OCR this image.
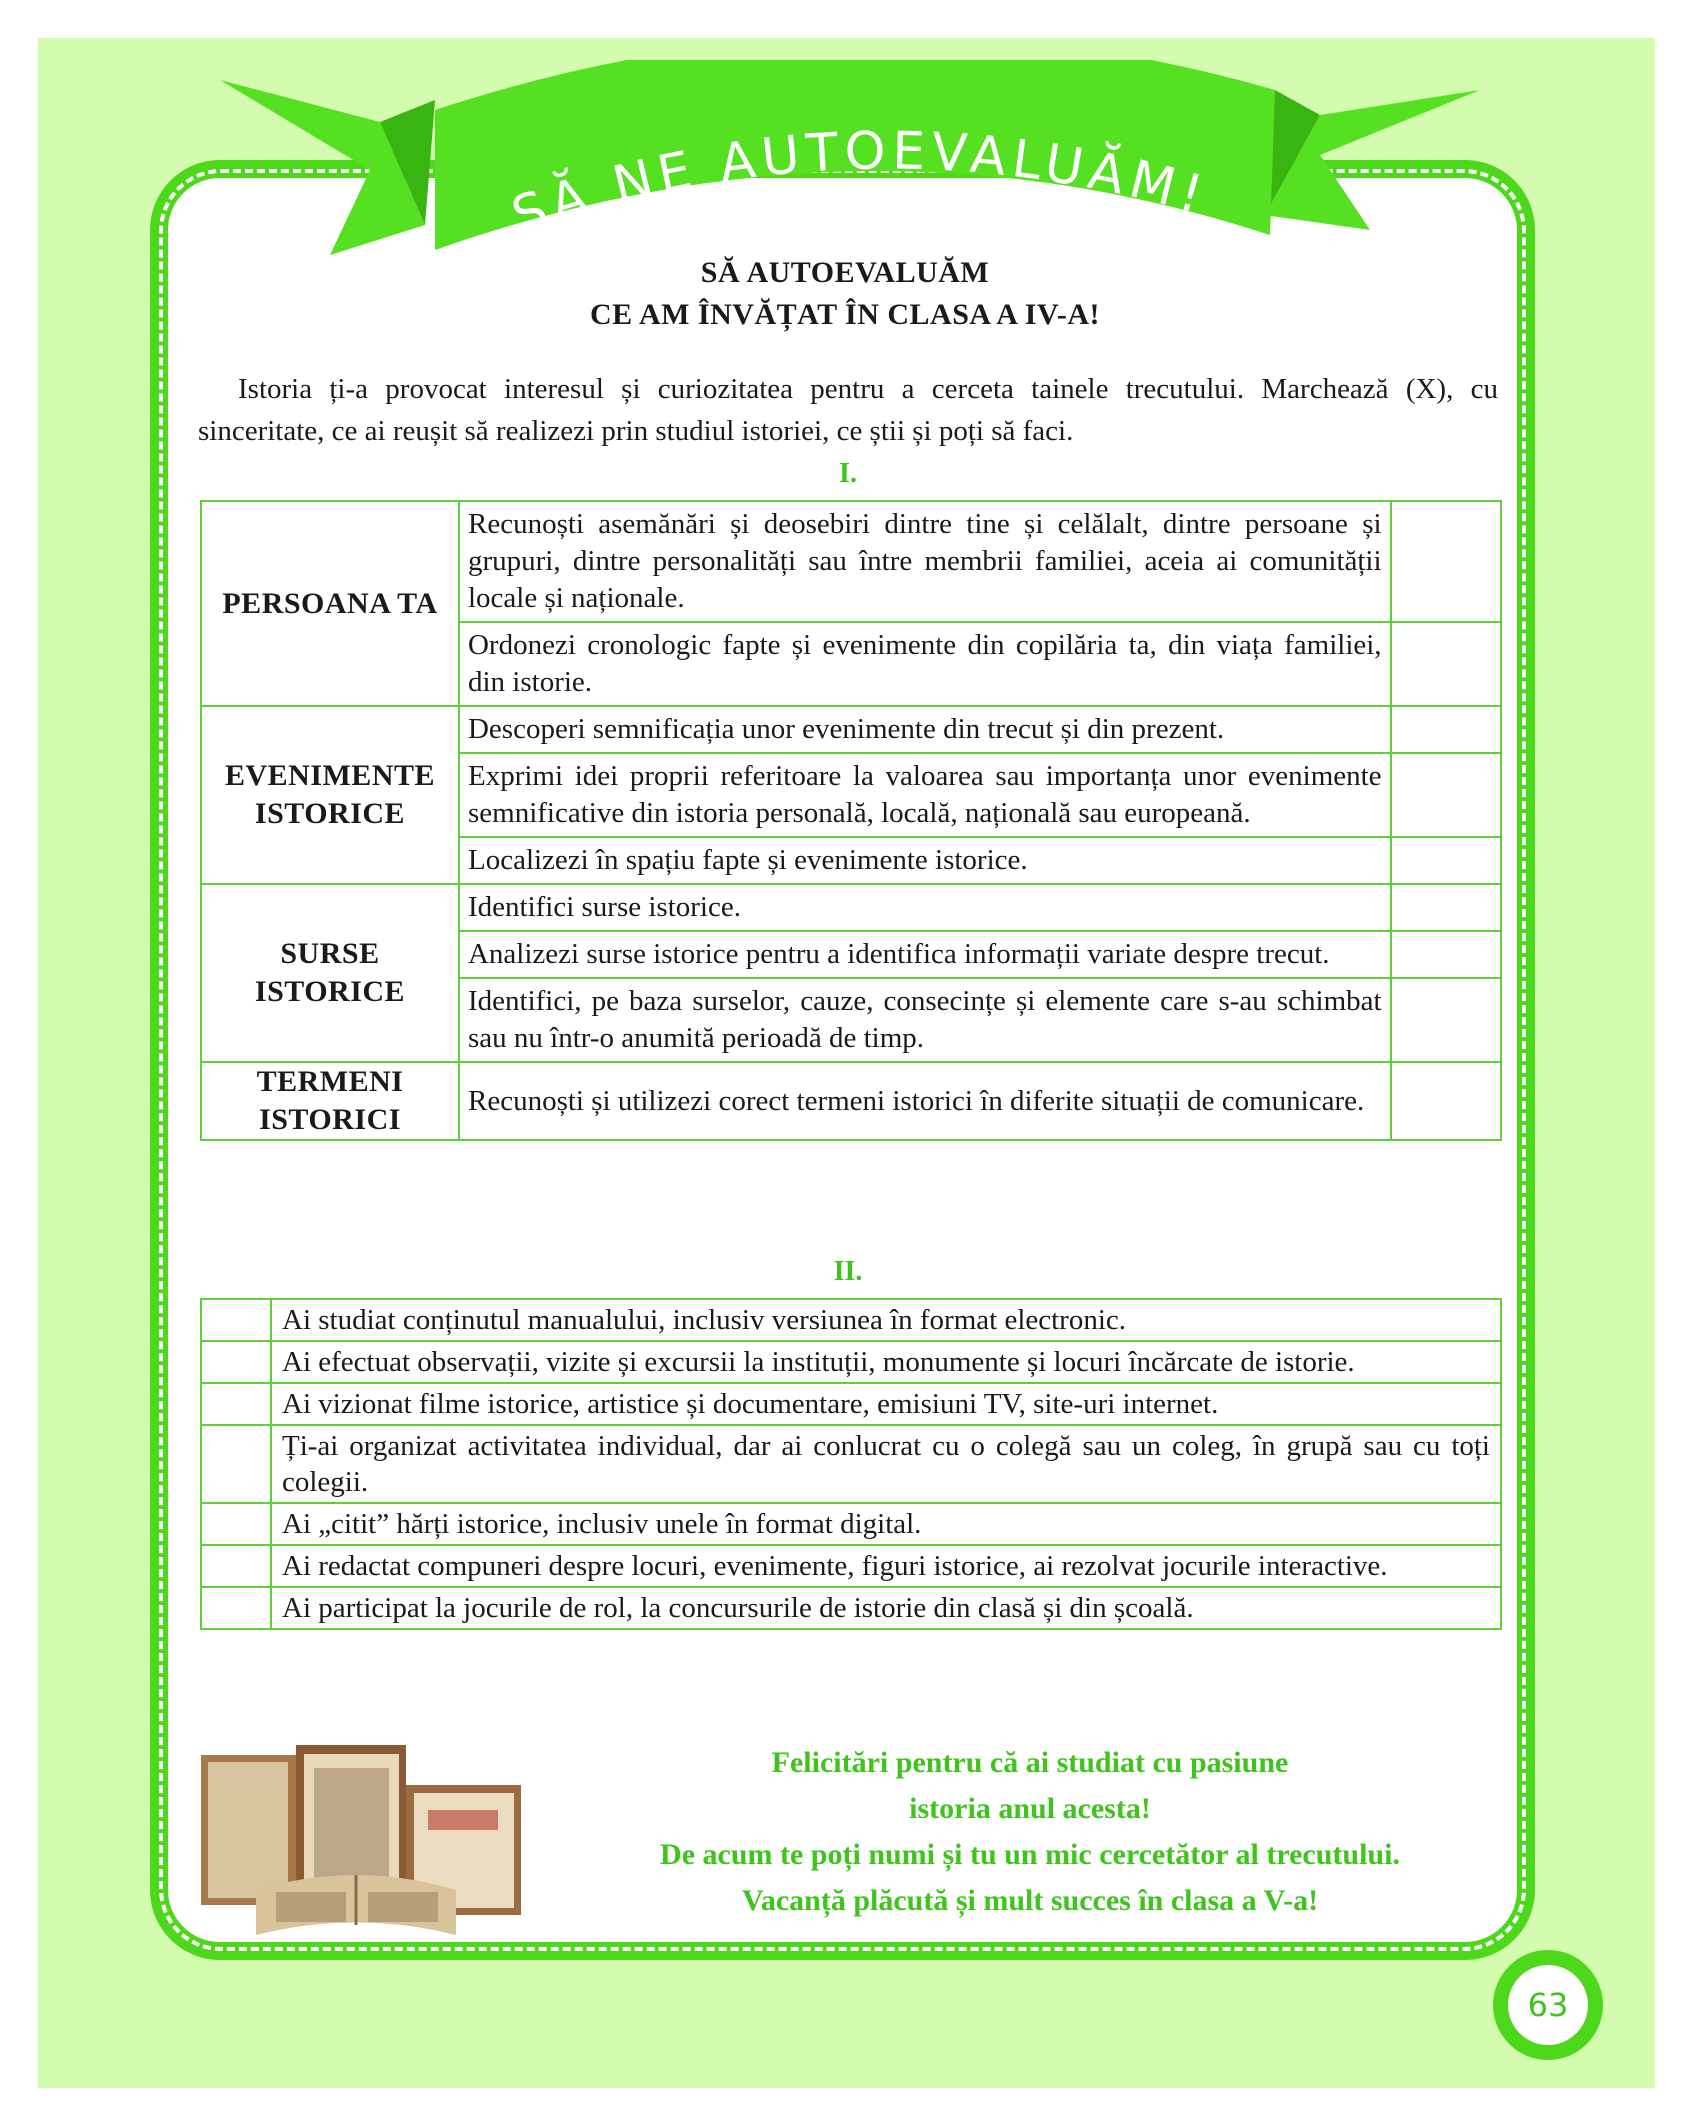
SĂ NE AUTOEVALUĂM!
SĂ AUTOEVALUĂM
CE AM ÎNVĂȚAT ÎN CLASA A IV-A!
Istoria ți-a provocat interesul și curiozitatea pentru a cerceta tainele trecutului. Marchează (X), cu sinceritate, ce ai reușit să realizezi prin studiul istoriei, ce știi și poți să faci.
I.
PERSOANA TA	Recunoști asemănări și deosebiri dintre tine și celălalt, dintre persoane și grupuri, dintre personalități sau între membrii familiei, aceia ai comunității locale și naționale.	
	Ordonezi cronologic fapte și evenimente din copilăria ta, din viața familiei, din istorie.	
EVENIMENTE ISTORICE	Descoperi semnificația unor evenimente din trecut și din prezent.	
	Exprimi idei proprii referitoare la valoarea sau importanța unor evenimente semnificative din istoria personală, locală, națională sau europeană.	
	Localizezi în spațiu fapte și evenimente istorice.	
SURSE ISTORICE	Identifici surse istorice.	
	Analizezi surse istorice pentru a identifica informații variate despre trecut.	
	Identifici, pe baza surselor, cauze, consecințe și elemente care s-au schimbat sau nu într-o anumită perioadă de timp.	
TERMENI ISTORICI	Recunoști și utilizezi corect termeni istorici în diferite situații de comunicare.	
II.
	Ai studiat conținutul manualului, inclusiv versiunea în format electronic.
	Ai efectuat observații, vizite și excursii la instituții, monumente și locuri încărcate de istorie.
	Ai vizionat filme istorice, artistice și documentare, emisiuni TV, site-uri internet.
	Ți-ai organizat activitatea individual, dar ai conlucrat cu o colegă sau un coleg, în grupă sau cu toți colegii.
	Ai „citit” hărți istorice, inclusiv unele în format digital.
	Ai redactat compuneri despre locuri, evenimente, figuri istorice, ai rezolvat jocurile interactive.
	Ai participat la jocurile de rol, la concursurile de istorie din clasă și din școală.
Felicitări pentru că ai studiat cu pasiune
istoria anul acesta!
De acum te poți numi și tu un mic cercetător al trecutului.
Vacanță plăcută și mult succes în clasa a V-a!
63
